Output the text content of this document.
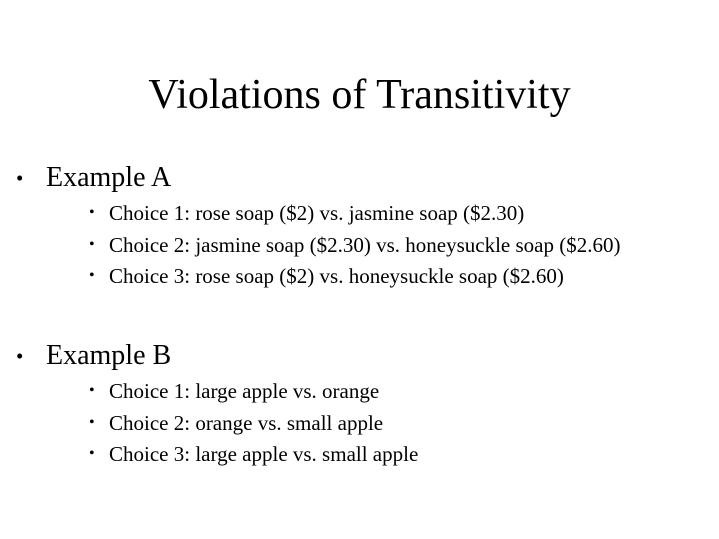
Violations of Transitivity
• Example A
• Choice 1: rose soap ($2) vs. jasmine soap ($2.30)
• Choice 2: jasmine soap ($2.30) vs. honeysuckle soap ($2.60)
• Choice 3: rose soap ($2) vs. honeysuckle soap ($2.60)
• Example B
• Choice 1: large apple vs. orange
• Choice 2: orange vs. small apple
• Choice 3: large apple vs. small apple
